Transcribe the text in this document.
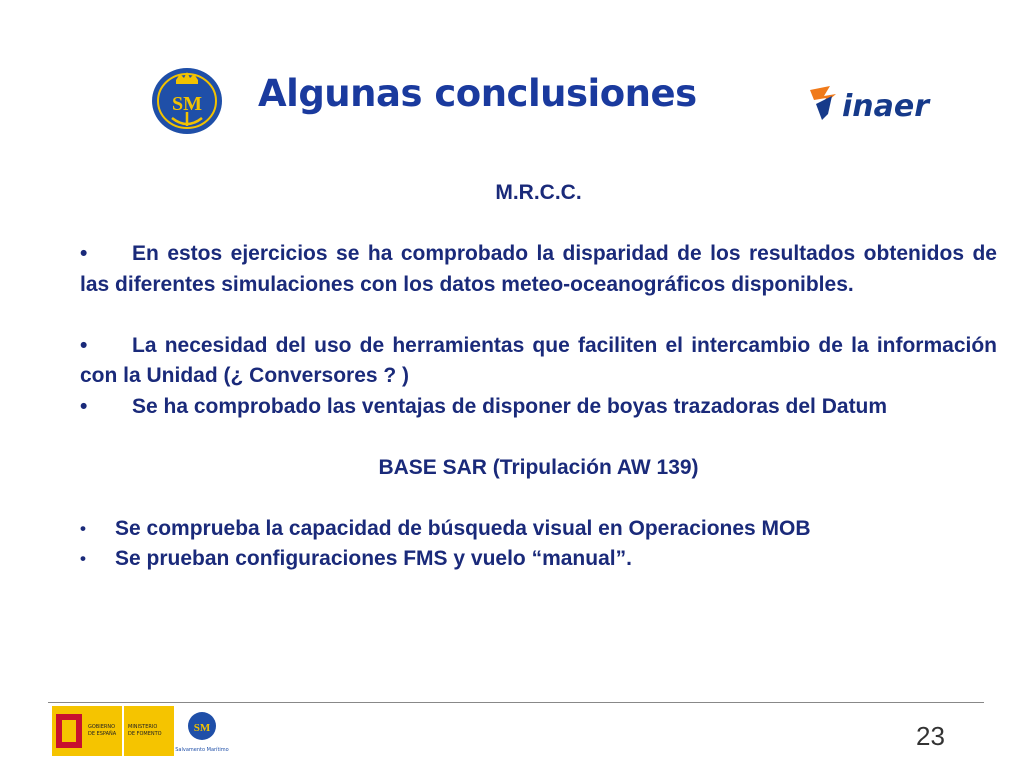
SM Algunas conclusiones	inaer
M.R.C.C.

• En estos ejercicios se ha comprobado la disparidad de los resultados obtenidos de las diferentes simulaciones con los datos meteo-oceanográficos disponibles.

• La necesidad del uso de herramientas que faciliten el intercambio de la información con la Unidad (¿ Conversores ? )

• Se ha comprobado las ventajas de disponer de boyas trazadoras del Datum

BASE SAR (Tripulación AW 139)
• Se comprueba la capacidad de búsqueda visual en Operaciones MOB
• Se prueban configuraciones FMS y vuelo “manual”.
GOBIERNO
DE ESPAÑA
MINISTERIO
DE FOMENTO	SM
Salvamento Marítimo	23
